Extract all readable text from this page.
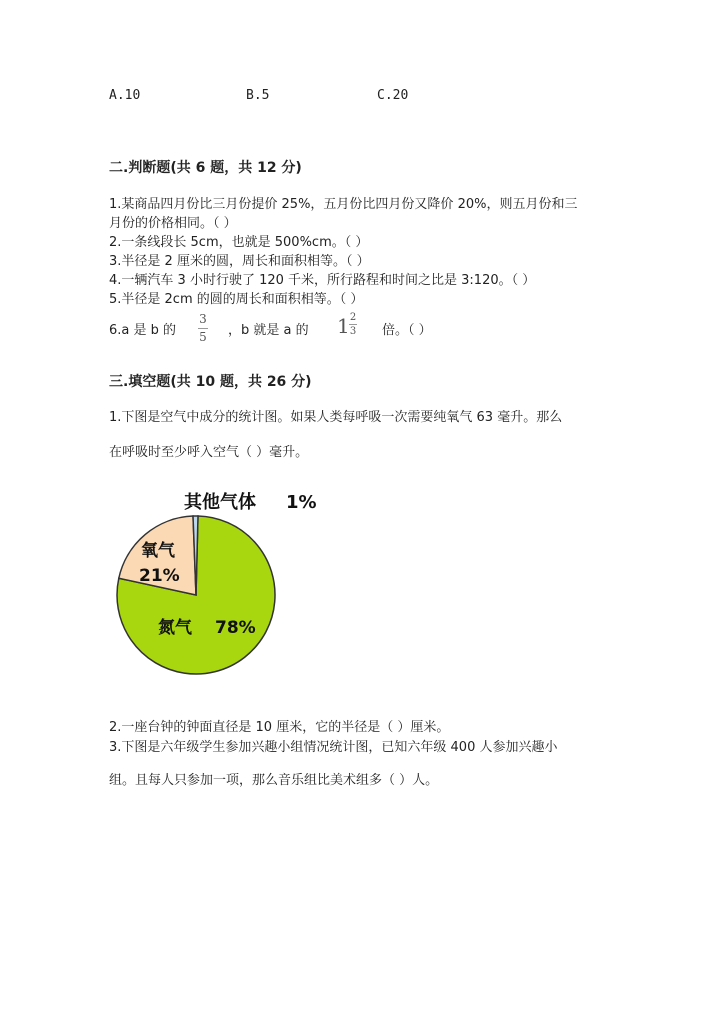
A.10	B.5	C.20
二.判断题(共 6 题，共 12 分)
1.某商品四月份比三月份提价 25%，五月份比四月份又降价 20%，则五月份和三
月份的价格相同。（ ）
2.一条线段长 5cm，也就是 500%cm。（ ）
3.半径是 2 厘米的圆，周长和面积相等。（ ）
4.一辆汽车 3 小时行驶了 120 千米，所行路程和时间之比是 3:120。（ ）
5.半径是 2cm 的圆的周长和面积相等。（ ）
6.a 是 b 的
3
5 ，b 就是 a 的 1 2
3 倍。（ ）
三.填空题(共 10 题，共 26 分)
1.下图是空气中成分的统计图。如果人类每呼吸一次需要纯氧气 63 毫升。那么
在呼吸时至少呼入空气（ ）毫升。
其他气体 1%
氧气
21%
氮气 78%
2.一座台钟的钟面直径是 10 厘米，它的半径是（ ）厘米。
3.下图是六年级学生参加兴趣小组情况统计图，已知六年级 400 人参加兴趣小
组。且每人只参加一项，那么音乐组比美术组多（ ）人。
